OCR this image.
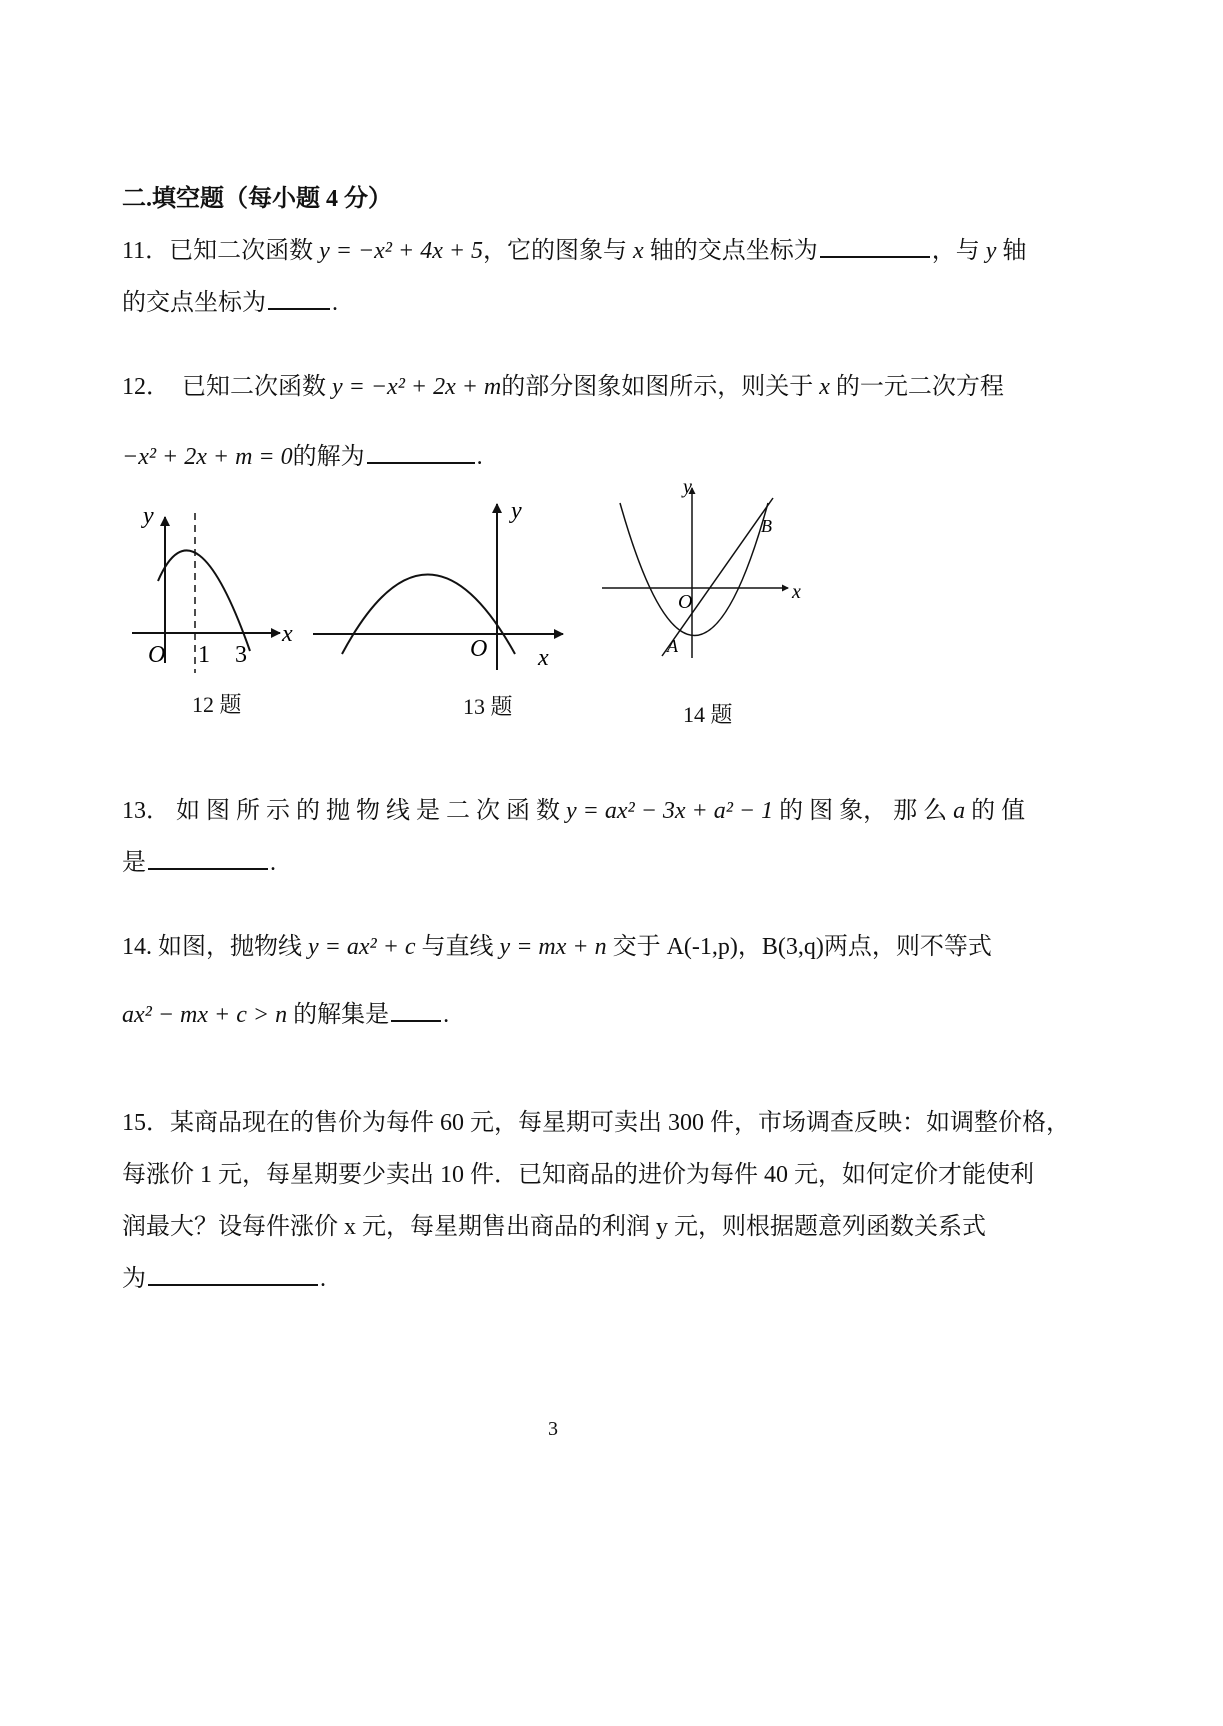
二.填空题（每小题 4 分）
11．已知二次函数 y = −x² + 4x + 5，它的图象与 x 轴的交点坐标为	，与 y 轴
的交点坐标为	.
12． 已知二次函数 y = −x² + 2x + m的部分图象如图所示，则关于 x 的一元二次方程
−x² + 2x + m = 0的解为	.
y
x
O 1 3
12 题
y
x
O
13 题
y
x
O
A
B
14 题
13． 如 图 所 示 的 抛 物 线 是 二 次 函 数 y = ax² − 3x + a² − 1 的 图 象， 那 么 a 的 值
是	.
14. 如图，抛物线 y = ax² + c 与直线 y = mx + n 交于 A(-1,p)，B(3,q)两点，则不等式
ax² − mx + c > n 的解集是 .
15．某商品现在的售价为每件 60 元，每星期可卖出 300 件，市场调查反映：如调整价格，
每涨价 1 元，每星期要少卖出 10 件．已知商品的进价为每件 40 元，如何定价才能使利
润最大？设每件涨价 x 元，每星期售出商品的利润 y 元，则根据题意列函数关系式
为	.
3
